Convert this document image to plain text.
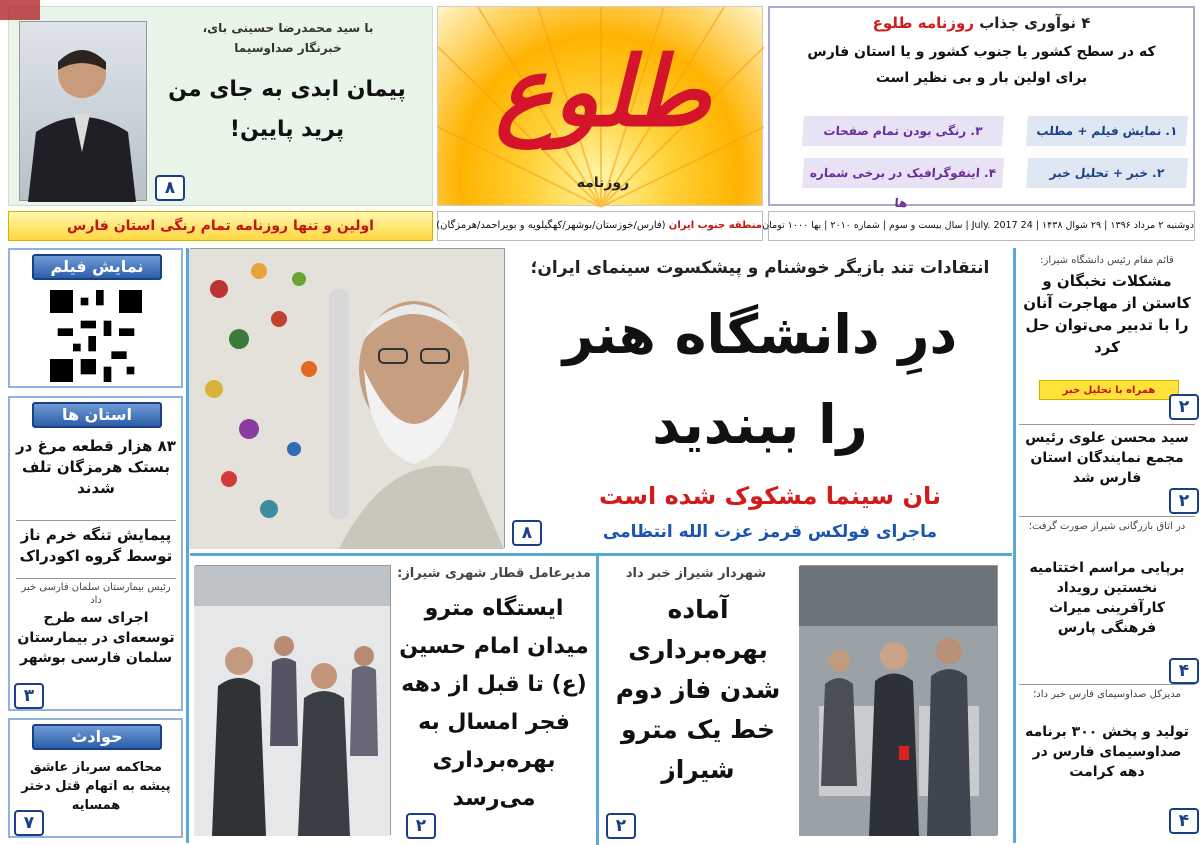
۴ نوآوری جذاب روزنامه طلوع
که در سطح کشور یا جنوب کشور و یا استان فارس
برای اولین بار و بی نظیر است
۱. نمایش فیلم + مطلب
۳. رنگی بودن تمام صفحات
۲. خبر + تحلیل خبر
۴. اینفوگرافیک در برخی شماره ها
طلوع
روزنامه
با سید محمدرضا حسینی بای،
خبرنگار صداوسیما
پیمان ابدی به جای من
پرید پایین!
۸
اولین و تنها روزنامه تمام رنگی استان فارس	منطقه جنوب ایران (فارس/خوزستان/بوشهر/کهگیلویه و بویراحمد/هرمزگان)	دوشنبه ۲ مرداد ۱۳۹۶ | ۲۹ شوال ۱۴۳۸ | 24 July. 2017 | سال بیست و سوم | شماره ۲۰۱۰ | بها ۱۰۰۰ تومان
نمایش فیلم
استان ها
۸۳ هزار قطعه مرغ در بستک هرمزگان تلف شدند
پیمایش تنگه خرم ناز توسط گروه اکودراک
رئیس بیمارستان سلمان فارسی خبر داد
اجرای سه طرح توسعه‌ای در بیمارستان سلمان فارسی بوشهر
۳
حوادث
محاکمه سرباز عاشق پیشه به اتهام قتل دختر همسایه
۷
۸
انتقادات تند بازیگر خوشنام و پیشکسوت سینمای ایران؛
درِ دانشگاه هنر
را ببندید
نان سینما مشکوک شده است
ماجرای فولکس قرمز عزت الله انتظامی
شهردار شیراز خبر داد
آماده بهره‌برداری شدن فاز دوم خط یک مترو شیراز
۲
مدیرعامل قطار شهری شیراز:
ایستگاه مترو میدان امام حسین (ع) تا قبل از دهه فجر امسال به بهره‌برداری می‌رسد
۲
قائم مقام رئیس دانشگاه شیراز:
مشکلات نخبگان و کاستن از مهاجرت آنان را با تدبیر می‌توان حل کرد
همراه با تحلیل خبر
۲
سید محسن علوی رئیس مجمع نمایندگان استان فارس شد
۲
در اتاق بازرگانی شیراز صورت گرفت؛
برپایی مراسم اختتامیه نخستین رویداد کارآفرینی میراث فرهنگی پارس
۴
مدیرکل صداوسیمای فارس خبر داد؛
تولید و پخش ۳۰۰ برنامه صداوسیمای فارس در دهه کرامت
۴
